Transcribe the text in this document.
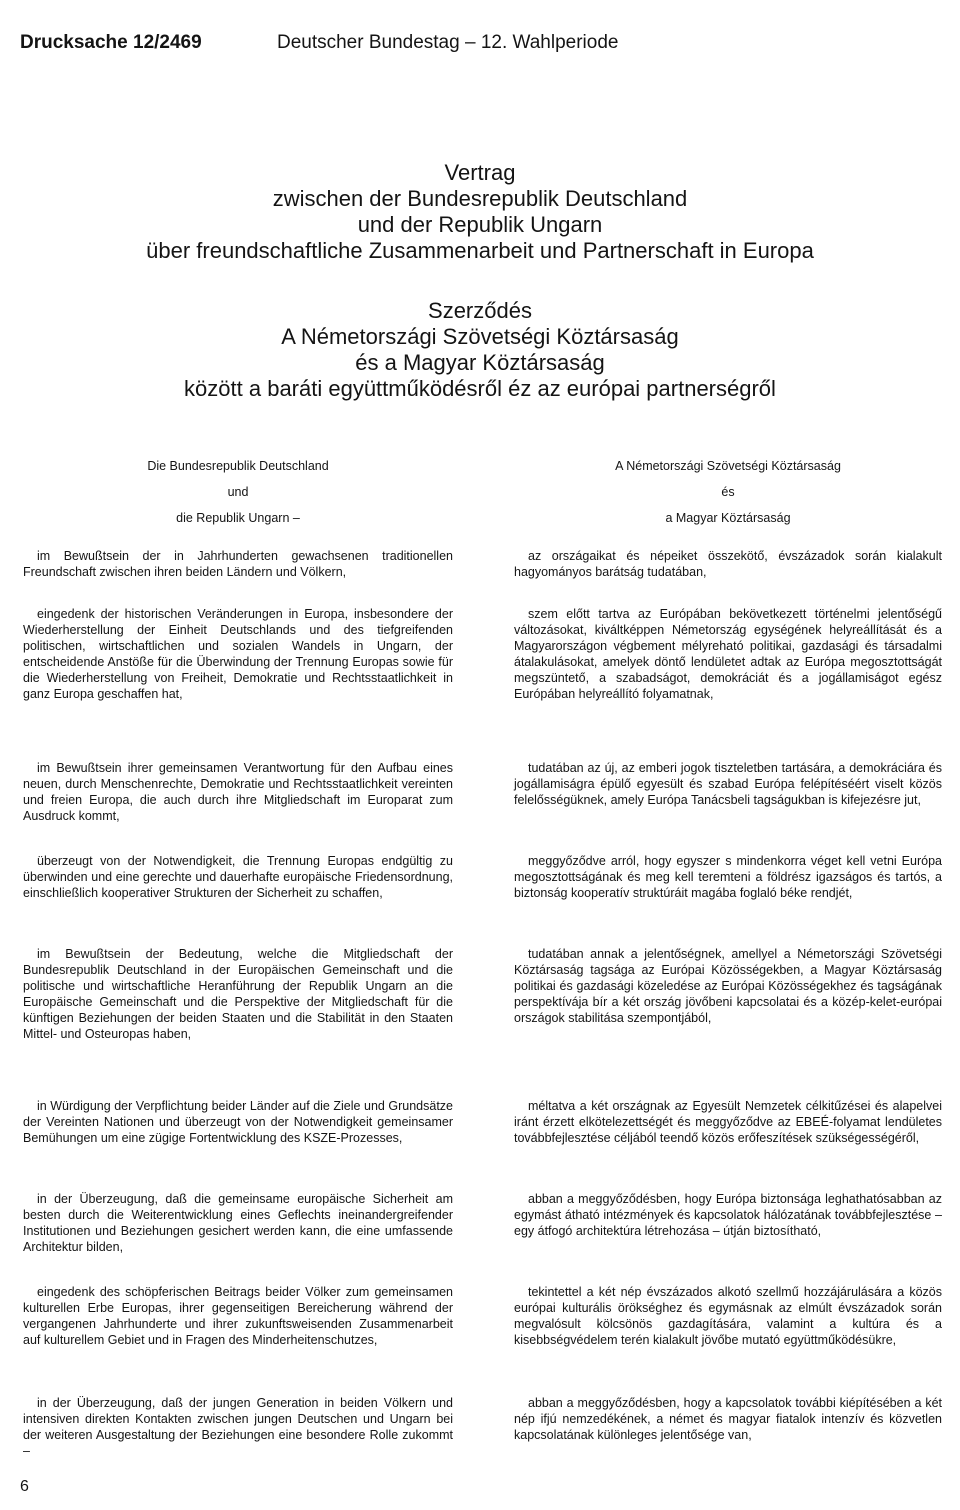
Drucksache 12/2469	Deutscher Bundestag – 12. Wahlperiode
Vertrag
zwischen der Bundesrepublik Deutschland
und der Republik Ungarn
über freundschaftliche Zusammenarbeit und Partnerschaft in Europa
Szerződés
A Németországi Szövetségi Köztársaság
és a Magyar Köztársaság
között a baráti együttműködésről éz az európai partnerségről
Die Bundesrepublik Deutschland
und
die Republik Ungarn –

im Bewußtsein der in Jahrhunderten gewachsenen traditionellen Freundschaft zwischen ihren beiden Ländern und Völkern,

eingedenk der historischen Veränderungen in Europa, insbesondere der Wiederherstellung der Einheit Deutschlands und des tiefgreifenden politischen, wirtschaftlichen und sozialen Wandels in Ungarn, der entscheidende Anstöße für die Überwindung der Trennung Europas sowie für die Wiederherstellung von Freiheit, Demokratie und Rechtsstaatlichkeit in ganz Europa geschaffen hat,

im Bewußtsein ihrer gemeinsamen Verantwortung für den Aufbau eines neuen, durch Menschenrechte, Demokratie und Rechtsstaatlichkeit vereinten und freien Europa, die auch durch ihre Mitgliedschaft im Europarat zum Ausdruck kommt,

überzeugt von der Notwendigkeit, die Trennung Europas endgültig zu überwinden und eine gerechte und dauerhafte europäische Friedensordnung, einschließlich kooperativer Strukturen der Sicherheit zu schaffen,

im Bewußtsein der Bedeutung, welche die Mitgliedschaft der Bundesrepublik Deutschland in der Europäischen Gemeinschaft und die politische und wirtschaftliche Heranführung der Republik Ungarn an die Europäische Gemeinschaft und die Perspektive der Mitgliedschaft für die künftigen Beziehungen der beiden Staaten und die Stabilität in den Staaten Mittel- und Osteuropas haben,

in Würdigung der Verpflichtung beider Länder auf die Ziele und Grundsätze der Vereinten Nationen und überzeugt von der Notwendigkeit gemeinsamer Bemühungen um eine zügige Fortentwicklung des KSZE-Prozesses,

in der Überzeugung, daß die gemeinsame europäische Sicherheit am besten durch die Weiterentwicklung eines Geflechts ineinandergreifender Institutionen und Beziehungen gesichert werden kann, die eine umfassende Architektur bilden,

eingedenk des schöpferischen Beitrags beider Völker zum gemeinsamen kulturellen Erbe Europas, ihrer gegenseitigen Bereicherung während der vergangenen Jahrhunderte und ihrer zukunftsweisenden Zusammenarbeit auf kulturellem Gebiet und in Fragen des Minderheitenschutzes,

in der Überzeugung, daß der jungen Generation in beiden Völkern und intensiven direkten Kontakten zwischen jungen Deutschen und Ungarn bei der weiteren Ausgestaltung der Beziehungen eine besondere Rolle zukommt –

A Németországi Szövetségi Köztársaság
és
a Magyar Köztársaság

az országaikat és népeiket összekötő, évszázadok során kialakult hagyományos barátság tudatában,

szem előtt tartva az Európában bekövetkezett történelmi jelentőségű változásokat, kiváltképpen Németország egységének helyreállítását és a Magyarországon végbement mélyreható politikai, gazdasági és társadalmi átalakulásokat, amelyek döntő lendületet adtak az Európa megosztottságát megszüntető, a szabadságot, demokráciát és a jogállamiságot egész Európában helyreállító folyamatnak,

tudatában az új, az emberi jogok tiszteletben tartására, a demokráciára és jogállamiságra épülő egyesült és szabad Európa felépítéséért viselt közös felelősségüknek, amely Európa Tanácsbeli tagságukban is kifejezésre jut,

meggyőződve arról, hogy egyszer s mindenkorra véget kell vetni Európa megosztottságának és meg kell teremteni a földrész igazságos és tartós, a biztonság kooperatív struktúráit magába foglaló béke rendjét,

tudatában annak a jelentőségnek, amellyel a Németországi Szövetségi Köztársaság tagsága az Európai Közösségekben, a Magyar Köztársaság politikai és gazdasági közeledése az Európai Közösségekhez és tagságának perspektívája bír a két ország jövőbeni kapcsolatai és a közép-kelet-európai országok stabilitása szempontjából,

méltatva a két országnak az Egyesült Nemzetek célkitűzései és alapelvei iránt érzett elkötelezettségét és meggyőződve az EBEÉ-folyamat lendületes továbbfejlesztése céljából teendő közös erőfeszítések szükségességéről,

abban a meggyőződésben, hogy Európa biztonsága leghathatósabban az egymást átható intézmények és kapcsolatok hálózatának továbbfejlesztése – egy átfogó architektúra létrehozása – útján biztosítható,

tekintettel a két nép évszázados alkotó szellmű hozzájárulására a közös európai kulturális örökséghez és egymásnak az elmúlt évszázadok során megvalósult kölcsönös gazdagítására, valamint a kultúra és a kisebbségvédelem terén kialakult jövőbe mutató együttműködésükre,

abban a meggyőződésben, hogy a kapcsolatok további kiépítésében a két nép ifjú nemzedékének, a német és magyar fiatalok intenzív és közvetlen kapcsolatának különleges jelentősége van,

6
